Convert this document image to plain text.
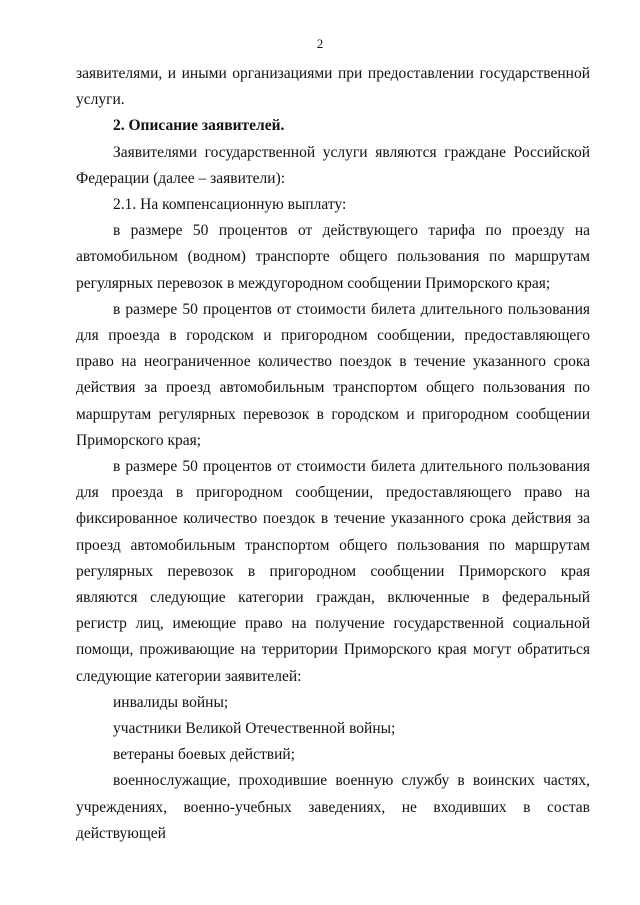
2

заявителями, и иными организациями при предоставлении государственной услуги.

2. Описание заявителей.

Заявителями государственной услуги являются граждане Российской Федерации (далее – заявители):

2.1. На компенсационную выплату:

в размере 50 процентов от действующего тарифа по проезду на автомобильном (водном) транспорте общего пользования по маршрутам регулярных перевозок в междугородном сообщении Приморского края;

в размере 50 процентов от стоимости билета длительного пользования для проезда в городском и пригородном сообщении, предоставляющего право на неограниченное количество поездок в течение указанного срока действия за проезд автомобильным транспортом общего пользования по маршрутам регулярных перевозок в городском и пригородном сообщении Приморского края;

в размере 50 процентов от стоимости билета длительного пользования для проезда в пригородном сообщении, предоставляющего право на фиксированное количество поездок в течение указанного срока действия за проезд автомобильным транспортом общего пользования по маршрутам регулярных перевозок в пригородном сообщении Приморского края являются следующие категории граждан, включенные в федеральный регистр лиц, имеющие право на получение государственной социальной помощи, проживающие на территории Приморского края могут обратиться следующие категории заявителей:

инвалиды войны;

участники Великой Отечественной войны;

ветераны боевых действий;

военнослужащие, проходившие военную службу в воинских частях, учреждениях, военно-учебных заведениях, не входивших в состав действующей
